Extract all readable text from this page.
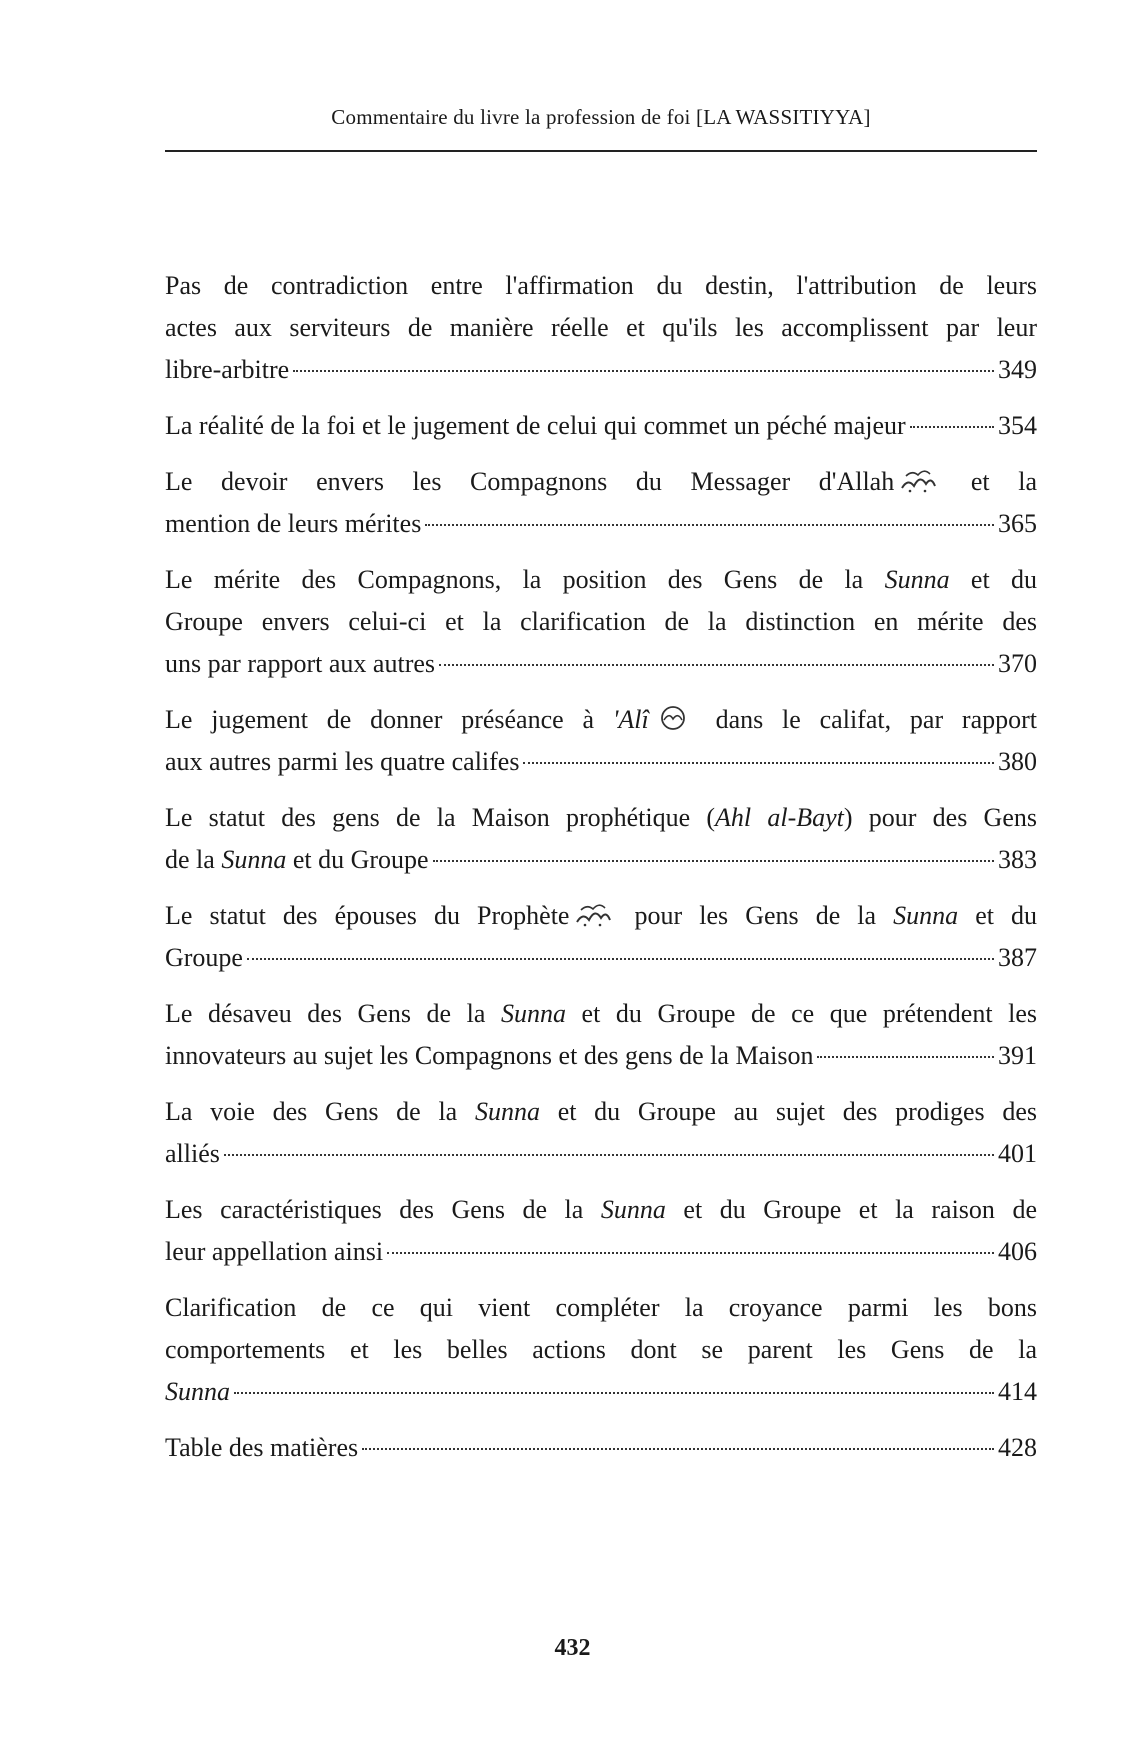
Commentaire du livre la profession de foi [LA WASSITIYYA]
Pas de contradiction entre l'affirmation du destin, l'attribution de leurs
actes aux serviteurs de manière réelle et qu'ils les accomplissent par leur
libre-arbitre	349
La réalité de la foi et le jugement de celui qui commet un péché majeur	354
Le devoir envers les Compagnons du Messager d'Allah	et la
mention de leurs mérites	365
Le mérite des Compagnons, la position des Gens de la Sunna et du
Groupe envers celui-ci et la clarification de la distinction en mérite des
uns par rapport aux autres	370
Le jugement de donner préséance à 'Alî	dans le califat, par rapport
aux autres parmi les quatre califes	380
Le statut des gens de la Maison prophétique (Ahl al-Bayt) pour des Gens
de la Sunna et du Groupe	383
Le statut des épouses du Prophète	pour les Gens de la Sunna et du
Groupe	387
Le désaveu des Gens de la Sunna et du Groupe de ce que prétendent les
innovateurs au sujet les Compagnons et des gens de la Maison	391
La voie des Gens de la Sunna et du Groupe au sujet des prodiges des
alliés	401
Les caractéristiques des Gens de la Sunna et du Groupe et la raison de
leur appellation ainsi	406
Clarification de ce qui vient compléter la croyance parmi les bons
comportements et les belles actions dont se parent les Gens de la
Sunna	414
Table des matières	428
432
